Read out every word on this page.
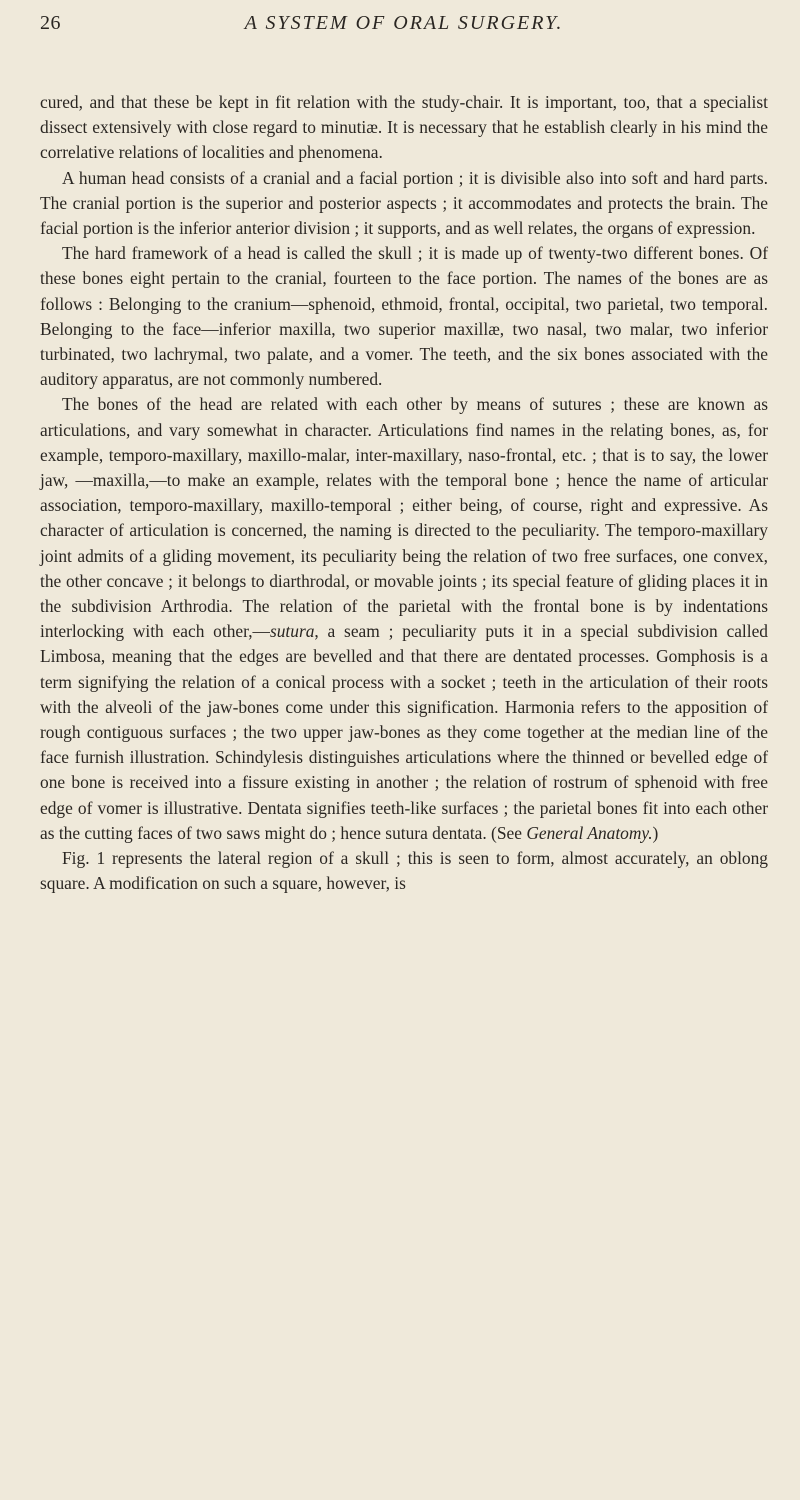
26	A SYSTEM OF ORAL SURGERY.

cured, and that these be kept in fit relation with the study-chair. It is important, too, that a specialist dissect extensively with close regard to minutiæ. It is necessary that he establish clearly in his mind the correlative relations of localities and phenomena.

A human head consists of a cranial and a facial portion ; it is divisible also into soft and hard parts. The cranial portion is the superior and posterior aspects ; it accommodates and protects the brain. The facial portion is the inferior anterior division ; it supports, and as well relates, the organs of expression.

The hard framework of a head is called the skull ; it is made up of twenty-two different bones. Of these bones eight pertain to the cranial, fourteen to the face portion. The names of the bones are as follows : Belonging to the cranium—sphenoid, ethmoid, frontal, occipital, two parietal, two temporal. Belonging to the face—inferior maxilla, two superior maxillæ, two nasal, two malar, two inferior turbinated, two lachrymal, two palate, and a vomer. The teeth, and the six bones associated with the auditory apparatus, are not commonly numbered.

The bones of the head are related with each other by means of sutures ; these are known as articulations, and vary somewhat in character. Articulations find names in the relating bones, as, for example, temporo-maxillary, maxillo-malar, inter-maxillary, naso-frontal, etc. ; that is to say, the lower jaw, —maxilla,—to make an example, relates with the temporal bone ; hence the name of articular association, temporo-maxillary, maxillo-temporal ; either being, of course, right and expressive. As character of articulation is concerned, the naming is directed to the peculiarity. The temporo-maxillary joint admits of a gliding movement, its peculiarity being the relation of two free surfaces, one convex, the other concave ; it belongs to diarthrodal, or movable joints ; its special feature of gliding places it in the subdivision Arthrodia. The relation of the parietal with the frontal bone is by indentations interlocking with each other,—sutura, a seam ; peculiarity puts it in a special subdivision called Limbosa, meaning that the edges are bevelled and that there are dentated processes. Gomphosis is a term signifying the relation of a conical process with a socket ; teeth in the articulation of their roots with the alveoli of the jaw-bones come under this signification. Harmonia refers to the apposition of rough contiguous surfaces ; the two upper jaw-bones as they come together at the median line of the face furnish illustration. Schindylesis distinguishes articulations where the thinned or bevelled edge of one bone is received into a fissure existing in another ; the relation of rostrum of sphenoid with free edge of vomer is illustrative. Dentata signifies teeth-like surfaces ; the parietal bones fit into each other as the cutting faces of two saws might do ; hence sutura dentata. (See General Anatomy.)

Fig. 1 represents the lateral region of a skull ; this is seen to form, almost accurately, an oblong square. A modification on such a square, however, is
